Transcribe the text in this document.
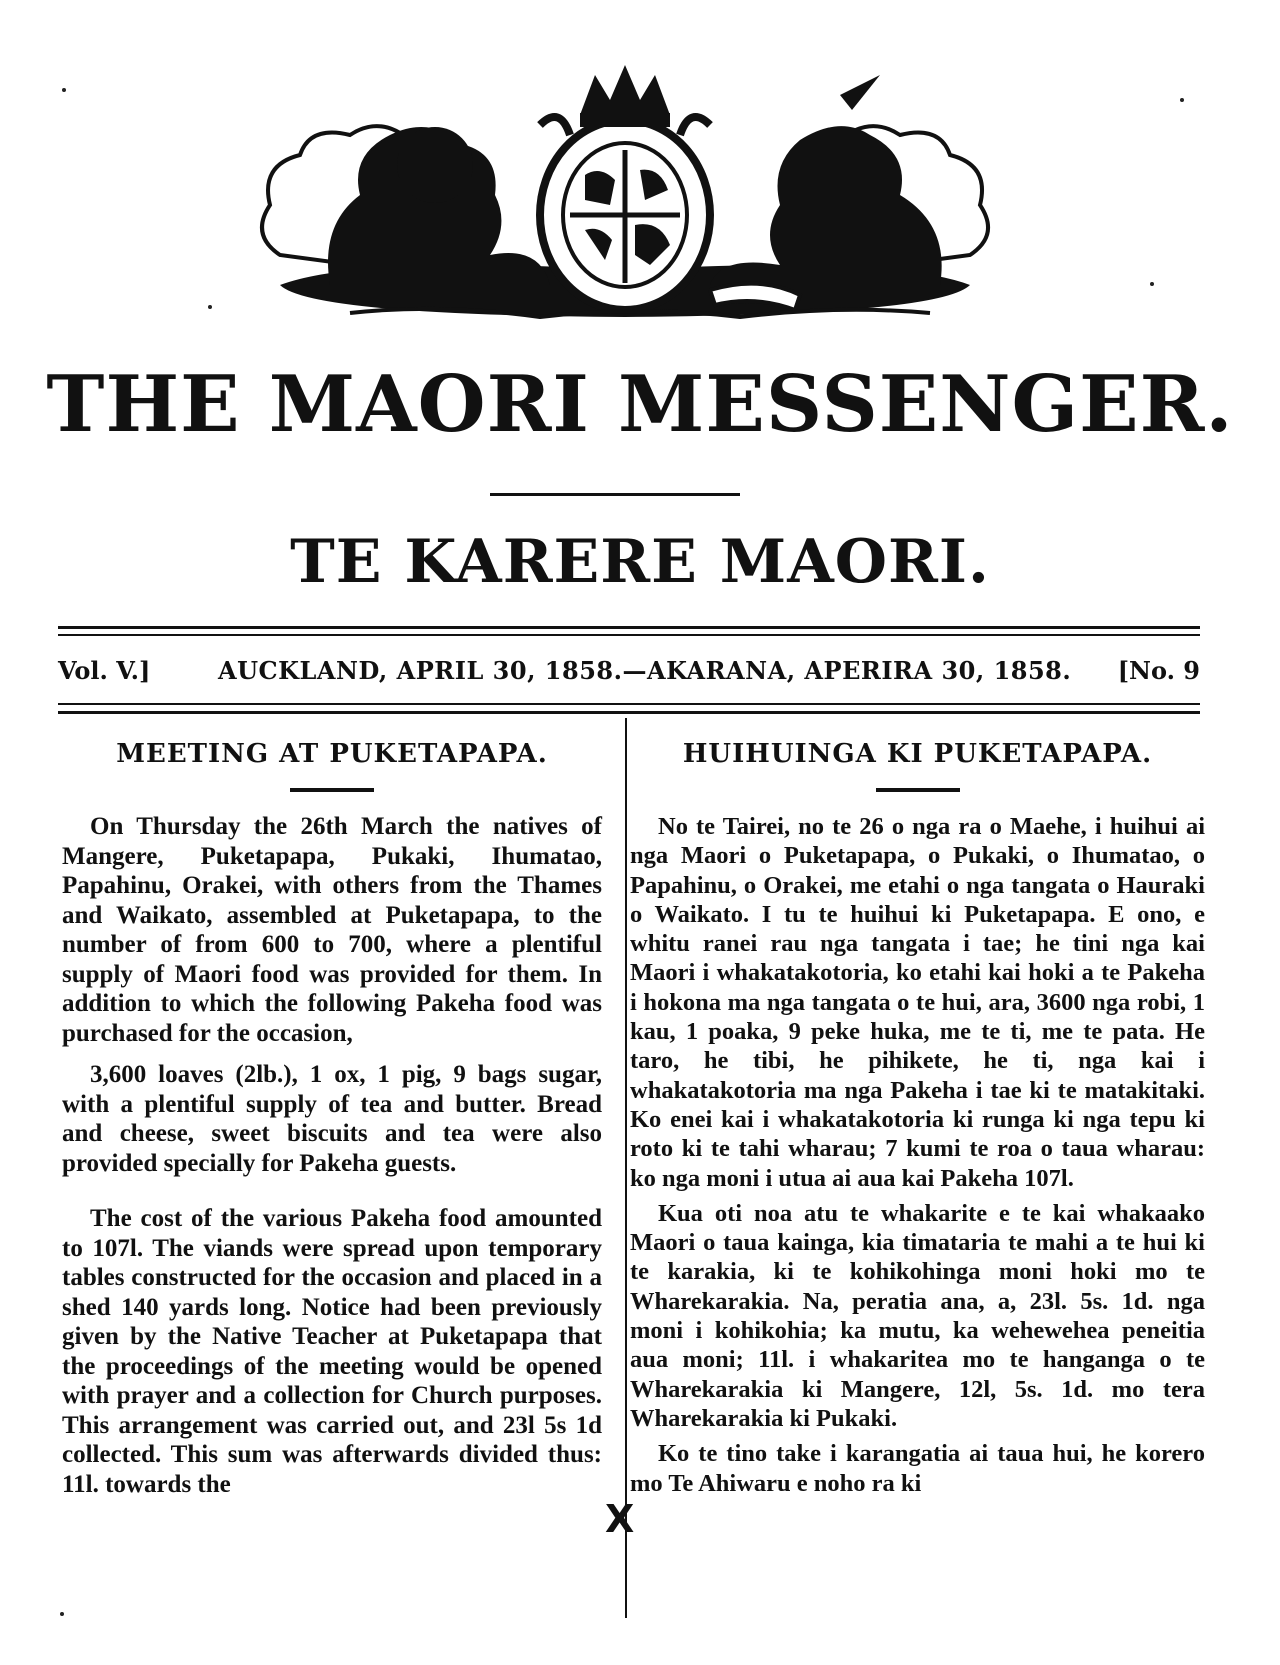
THE MAORI MESSENGER.
TE KARERE MAORI.
Vol. V.]	AUCKLAND, APRIL 30, 1858.—AKARANA, APERIRA 30, 1858. [No. 9
MEETING AT PUKETAPAPA.

On Thursday the 26th March the natives of Mangere, Puketapapa, Pukaki, Ihumatao, Papahinu, Orakei, with others from the Thames and Waikato, assembled at Puketapapa, to the number of from 600 to 700, where a plentiful supply of Maori food was provided for them. In addition to which the following Pakeha food was purchased for the occasion,

3,600 loaves (2lb.), 1 ox, 1 pig, 9 bags sugar, with a plentiful supply of tea and butter. Bread and cheese, sweet biscuits and tea were also provided specially for Pakeha guests.

The cost of the various Pakeha food amounted to 107l. The viands were spread upon temporary tables constructed for the occasion and placed in a shed 140 yards long. Notice had been previously given by the Native Teacher at Puketapapa that the proceedings of the meeting would be opened with prayer and a collection for Church purposes. This arrangement was carried out, and 23l 5s 1d collected. This sum was afterwards divided thus: 11l. towards the

HUIHUINGA KI PUKETAPAPA.

No te Tairei, no te 26 o nga ra o Maehe, i huihui ai nga Maori o Puketapapa, o Pukaki, o Ihumatao, o Papahinu, o Orakei, me etahi o nga tangata o Hauraki o Waikato. I tu te huihui ki Puketapapa. E ono, e whitu ranei rau nga tangata i tae; he tini nga kai Maori i whakatakotoria, ko etahi kai hoki a te Pakeha i hokona ma nga tangata o te hui, ara, 3600 nga robi, 1 kau, 1 poaka, 9 peke huka, me te ti, me te pata. He taro, he tibi, he pihikete, he ti, nga kai i whakatakotoria ma nga Pakeha i tae ki te matakitaki. Ko enei kai i whakatakotoria ki runga ki nga tepu ki roto ki te tahi wharau; 7 kumi te roa o taua wharau: ko nga moni i utua ai aua kai Pakeha 107l.

Kua oti noa atu te whakarite e te kai whakaako Maori o taua kainga, kia timataria te mahi a te hui ki te karakia, ki te kohikohinga moni hoki mo te Wharekarakia. Na, peratia ana, a, 23l. 5s. 1d. nga moni i kohikohia; ka mutu, ka wehewehea peneitia aua moni; 11l. i whakaritea mo te hanganga o te Wharekarakia ki Mangere, 12l, 5s. 1d. mo tera Wharekarakia ki Pukaki.

Ko te tino take i karangatia ai taua hui, he korero mo Te Ahiwaru e noho ra ki

X
